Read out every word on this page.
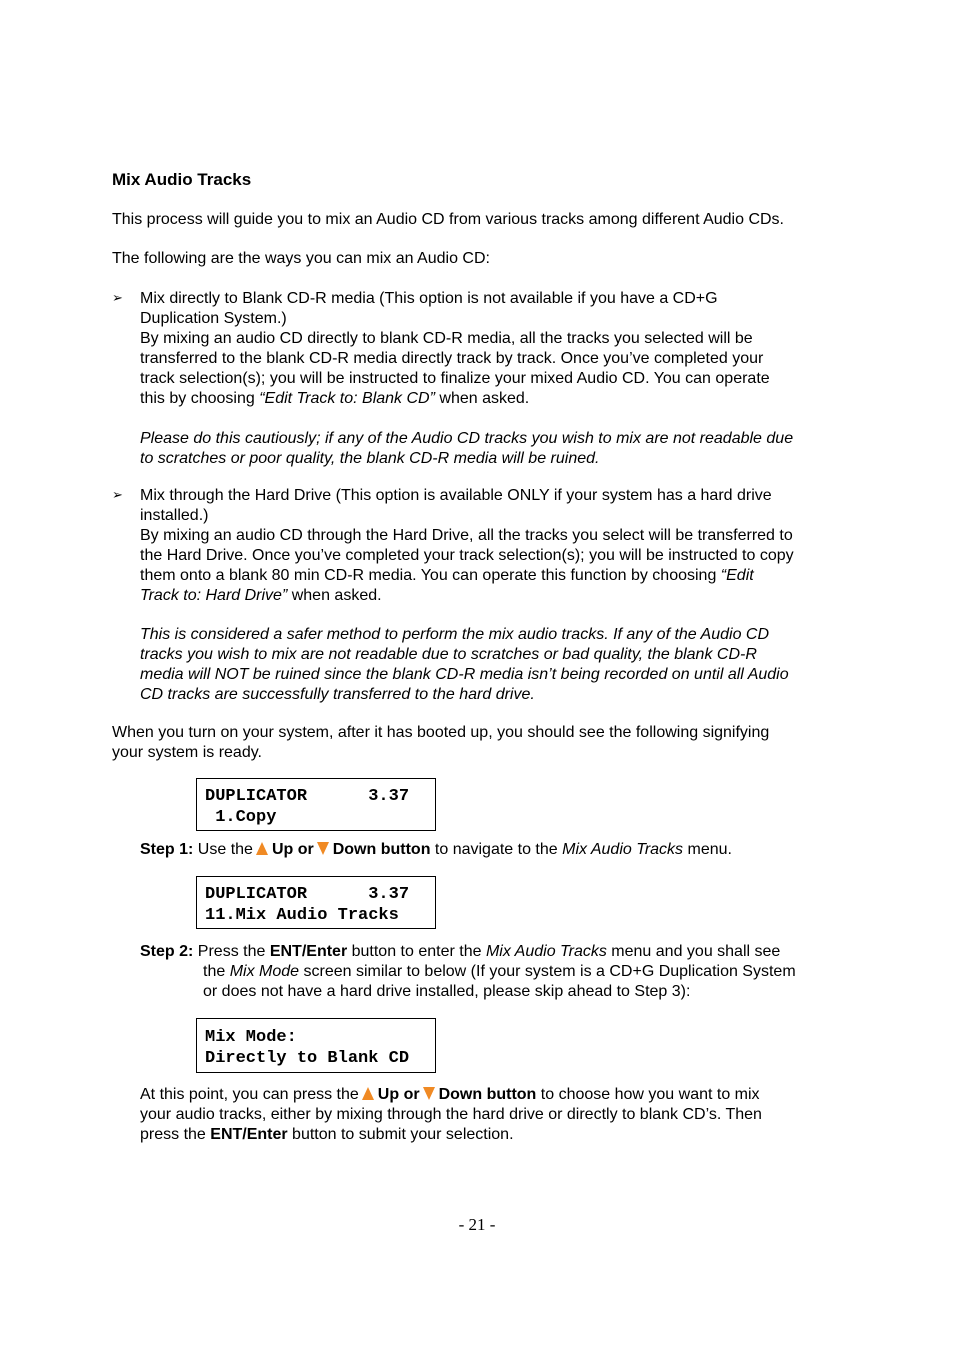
Mix Audio Tracks
This process will guide you to mix an Audio CD from various tracks among different Audio CDs.
The following are the ways you can mix an Audio CD:
➢ Mix directly to Blank CD-R media (This option is not available if you have a CD+G
Duplication System.)
By mixing an audio CD directly to blank CD-R media, all the tracks you selected will be
transferred to the blank CD-R media directly track by track. Once you’ve completed your
track selection(s); you will be instructed to finalize your mixed Audio CD. You can operate
this by choosing “Edit Track to: Blank CD” when asked.
Please do this cautiously; if any of the Audio CD tracks you wish to mix are not readable due
to scratches or poor quality, the blank CD-R media will be ruined.
➢ Mix through the Hard Drive (This option is available ONLY if your system has a hard drive
installed.)
By mixing an audio CD through the Hard Drive, all the tracks you select will be transferred to
the Hard Drive. Once you’ve completed your track selection(s); you will be instructed to copy
them onto a blank 80 min CD-R media. You can operate this function by choosing “Edit
Track to: Hard Drive” when asked.
This is considered a safer method to perform the mix audio tracks. If any of the Audio CD
tracks you wish to mix are not readable due to scratches or bad quality, the blank CD-R
media will NOT be ruined since the blank CD-R media isn’t being recorded on until all Audio
CD tracks are successfully transferred to the hard drive.
When you turn on your system, after it has booted up, you should see the following signifying
your system is ready.
DUPLICATOR      3.37
1.Copy
Step 1: Use the Up or Down button to navigate to the Mix Audio Tracks menu.
DUPLICATOR      3.37
11.Mix Audio Tracks
Step 2: Press the ENT/Enter button to enter the Mix Audio Tracks menu and you shall see
the Mix Mode screen similar to below (If your system is a CD+G Duplication System
or does not have a hard drive installed, please skip ahead to Step 3):
Mix Mode:
Directly to Blank CD
At this point, you can press the Up or Down button to choose how you want to mix
your audio tracks, either by mixing through the hard drive or directly to blank CD’s. Then
press the ENT/Enter button to submit your selection.
- 21 -
